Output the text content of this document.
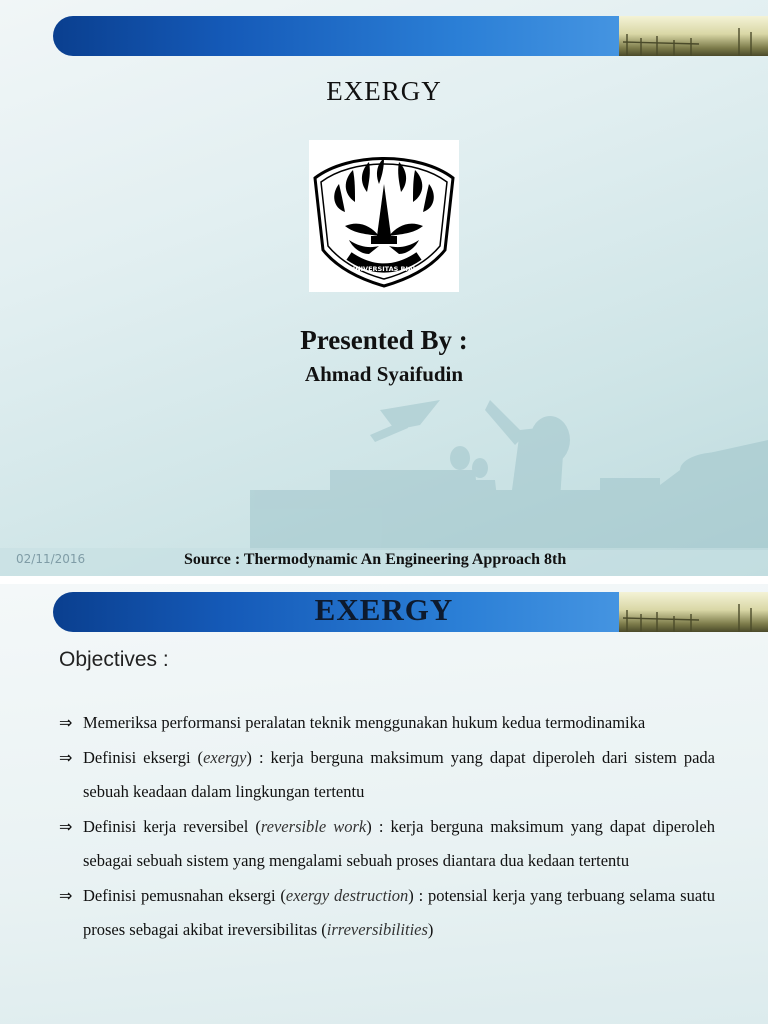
EXERGY
UNIVERSITAS RIAU
Presented By :
Ahmad Syaifudin
02/11/2016	Source : Thermodynamic An Engineering Approach 8th
EXERGY
Objectives :
⇒ Memeriksa performansi peralatan teknik menggunakan hukum kedua termodinamika
⇒ Definisi eksergi (exergy) : kerja berguna maksimum yang dapat diperoleh dari sistem pada sebuah keadaan dalam lingkungan tertentu
⇒ Definisi kerja reversibel (reversible work) : kerja berguna maksimum yang dapat diperoleh sebagai sebuah sistem yang mengalami sebuah proses diantara dua kedaan tertentu
⇒ Definisi pemusnahan eksergi (exergy destruction) : potensial kerja yang terbuang selama suatu proses sebagai akibat ireversibilitas (irreversibilities)
